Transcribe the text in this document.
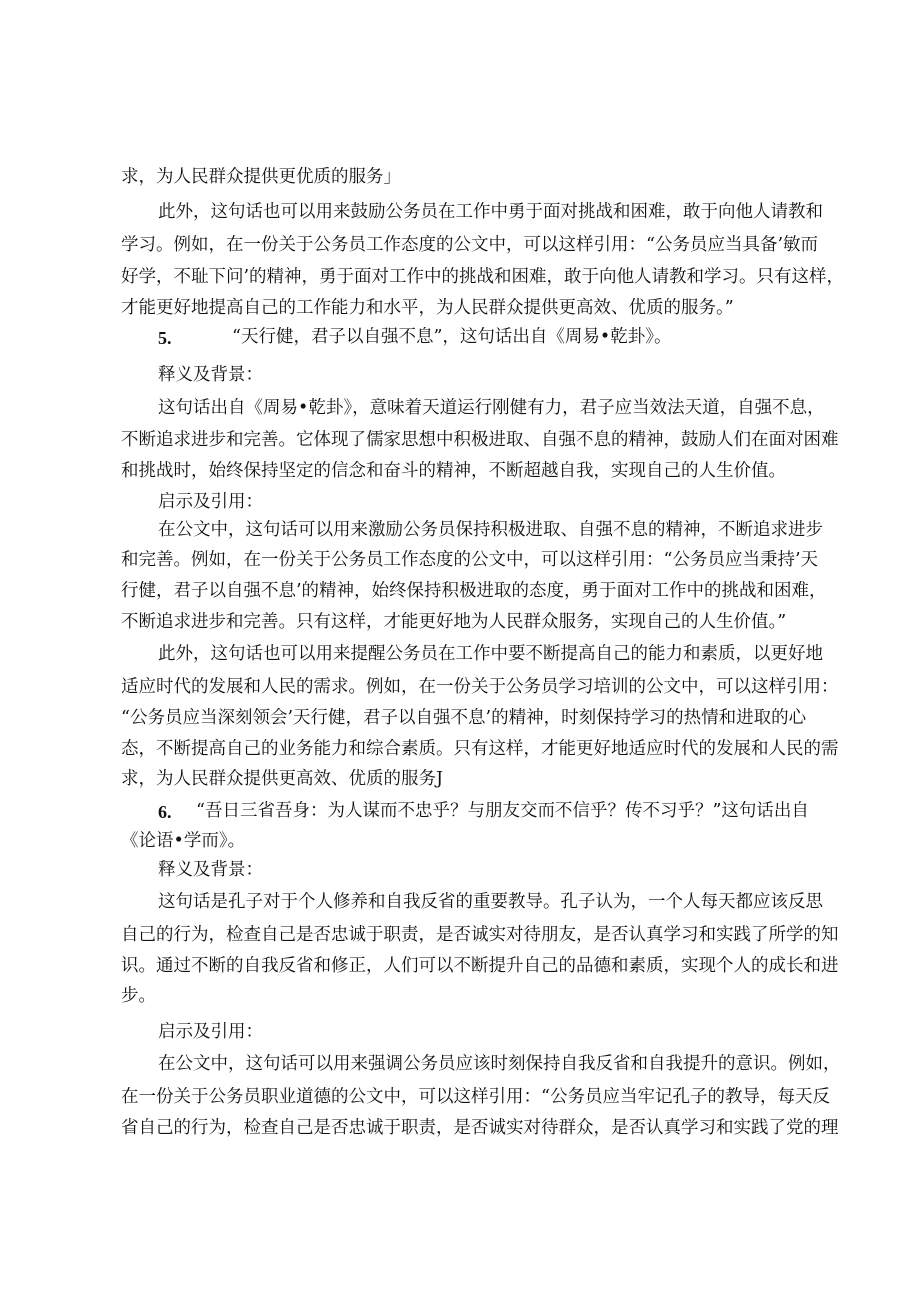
求，为人民群众提供更优质的服务」
此外，这句话也可以用来鼓励公务员在工作中勇于面对挑战和困难，敢于向他人请教和
学习。例如，在一份关于公务员工作态度的公文中，可以这样引用：“公务员应当具备’敏而
好学，不耻下问’的精神，勇于面对工作中的挑战和困难，敢于向他人请教和学习。只有这样，
才能更好地提高自己的工作能力和水平，为人民群众提供更高效、优质的服务。”
5.	“天行健，君子以自强不息”，这句话出自《周易•乾卦》。
释义及背景：
这句话出自《周易•乾卦》，意味着天道运行刚健有力，君子应当效法天道，自强不息，
不断追求进步和完善。它体现了儒家思想中积极进取、自强不息的精神，鼓励人们在面对困难
和挑战时，始终保持坚定的信念和奋斗的精神，不断超越自我，实现自己的人生价值。
启示及引用：
在公文中，这句话可以用来激励公务员保持积极进取、自强不息的精神，不断追求进步
和完善。例如，在一份关于公务员工作态度的公文中，可以这样引用：“公务员应当秉持’天
行健，君子以自强不息’的精神，始终保持积极进取的态度，勇于面对工作中的挑战和困难，
不断追求进步和完善。只有这样，才能更好地为人民群众服务，实现自己的人生价值。”
此外，这句话也可以用来提醒公务员在工作中要不断提高自己的能力和素质，以更好地
适应时代的发展和人民的需求。例如，在一份关于公务员学习培训的公文中，可以这样引用：
“公务员应当深刻领会’天行健，君子以自强不息’的精神，时刻保持学习的热情和进取的心
态，不断提高自己的业务能力和综合素质。只有这样，才能更好地适应时代的发展和人民的需
求，为人民群众提供更高效、优质的服务J
6. “吾日三省吾身：为人谋而不忠乎？与朋友交而不信乎？传不习乎？”这句话出自
《论语•学而》。
释义及背景：
这句话是孔子对于个人修养和自我反省的重要教导。孔子认为，一个人每天都应该反思
自己的行为，检查自己是否忠诚于职责，是否诚实对待朋友，是否认真学习和实践了所学的知
识。通过不断的自我反省和修正，人们可以不断提升自己的品德和素质，实现个人的成长和进
步。
启示及引用：
在公文中，这句话可以用来强调公务员应该时刻保持自我反省和自我提升的意识。例如，
在一份关于公务员职业道德的公文中，可以这样引用：“公务员应当牢记孔子的教导，每天反
省自己的行为，检查自己是否忠诚于职责，是否诚实对待群众，是否认真学习和实践了党的理
